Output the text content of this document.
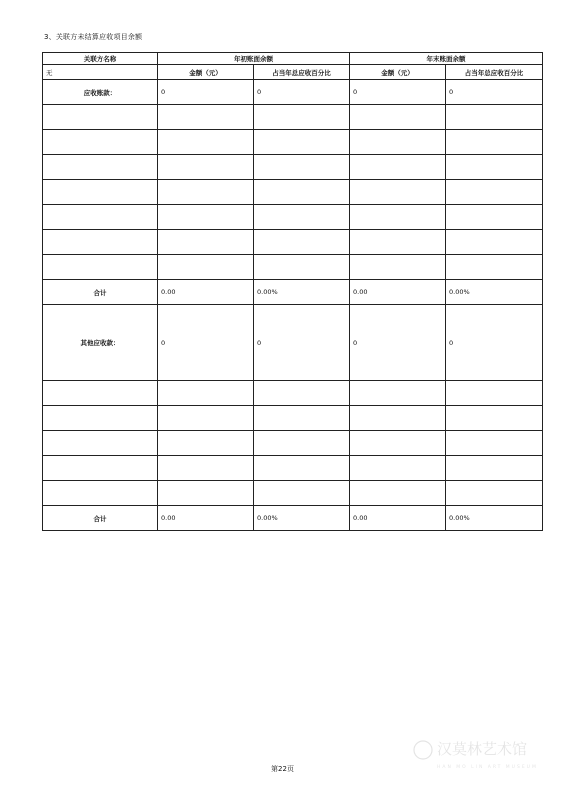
3、关联方未结算应收项目余额
关联方名称	年初账面余额		年末账面余额	
无	金额（元）	占当年总应收百分比	金额（元）	占当年总应收百分比
应收账款：	0	0	0	0

合计	0.00	0.00%	0.00	0.00%
其他应收款：	0	0	0	0

合计	0.00	0.00%	0.00	0.00%
第22页
汉莫林艺术馆
HAN MO LIN ART MUSEUM
